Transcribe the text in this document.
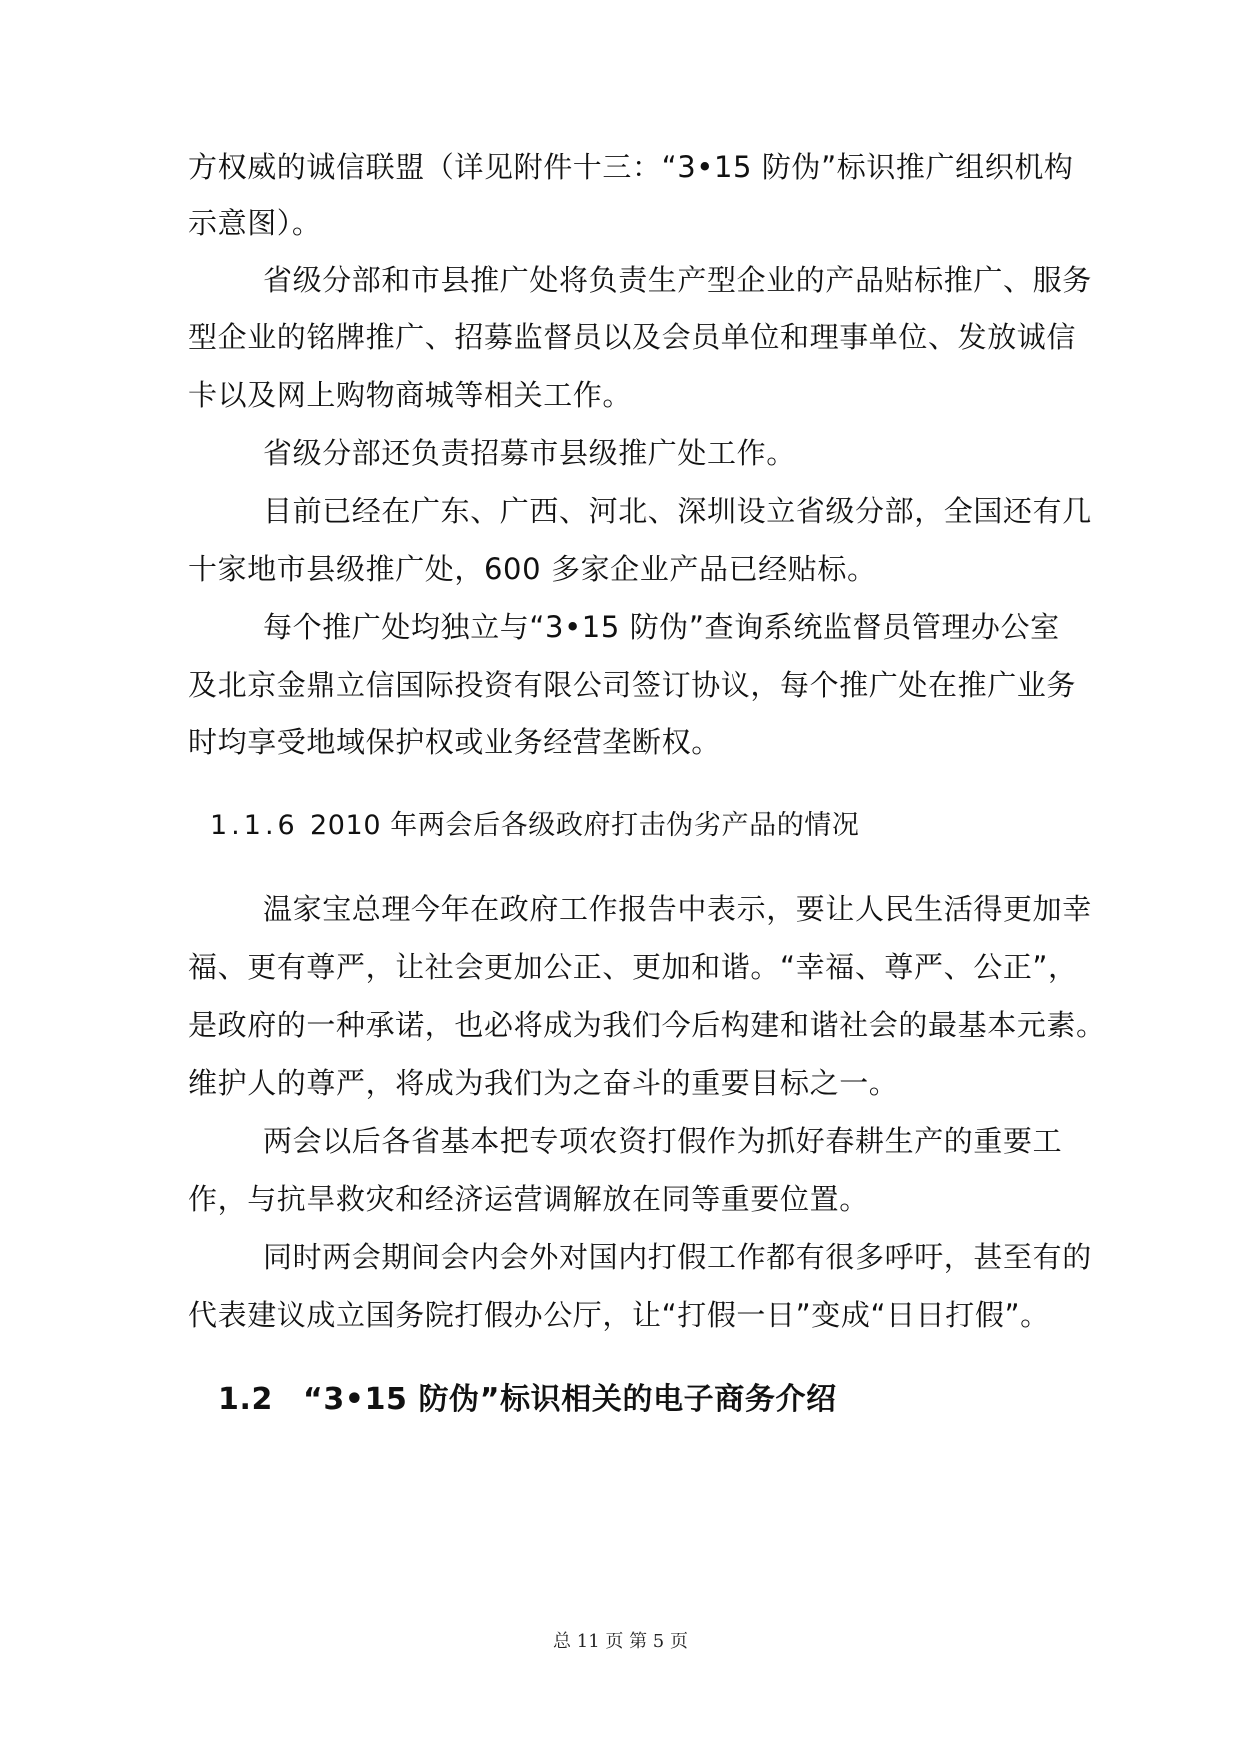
方权威的诚信联盟（详见附件十三：“3•15 防伪”标识推广组织机构
示意图）。
省级分部和市县推广处将负责生产型企业的产品贴标推广、服务
型企业的铭牌推广、招募监督员以及会员单位和理事单位、发放诚信
卡以及网上购物商城等相关工作。
省级分部还负责招募市县级推广处工作。
目前已经在广东、广西、河北、深圳设立省级分部，全国还有几
十家地市县级推广处，600 多家企业产品已经贴标。
每个推广处均独立与“3•15 防伪”查询系统监督员管理办公室
及北京金鼎立信国际投资有限公司签订协议，每个推广处在推广业务
时均享受地域保护权或业务经营垄断权。
1.1.6 2010 年两会后各级政府打击伪劣产品的情况
温家宝总理今年在政府工作报告中表示，要让人民生活得更加幸
福、更有尊严，让社会更加公正、更加和谐。“幸福、尊严、公正”，
是政府的一种承诺，也必将成为我们今后构建和谐社会的最基本元素。
维护人的尊严，将成为我们为之奋斗的重要目标之一。
两会以后各省基本把专项农资打假作为抓好春耕生产的重要工
作，与抗旱救灾和经济运营调解放在同等重要位置。
同时两会期间会内会外对国内打假工作都有很多呼吁，甚至有的
代表建议成立国务院打假办公厅，让“打假一日”变成“日日打假”。
1.2 “3•15 防伪”标识相关的电子商务介绍
总 11 页 第 5 页
